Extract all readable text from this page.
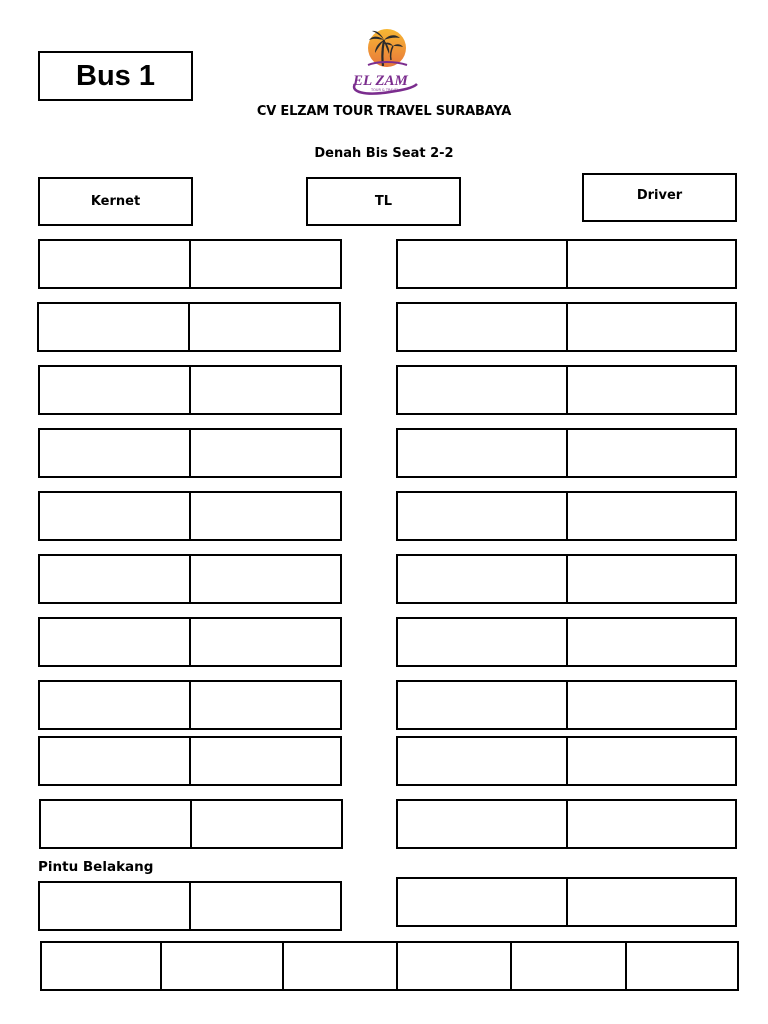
Bus 1	EL ZAM
TOUR & TRAVEL
CV ELZAM TOUR TRAVEL SURABAYA
Denah Bis Seat 2-2
Kernet	TL	Driver
Pintu Belakang
